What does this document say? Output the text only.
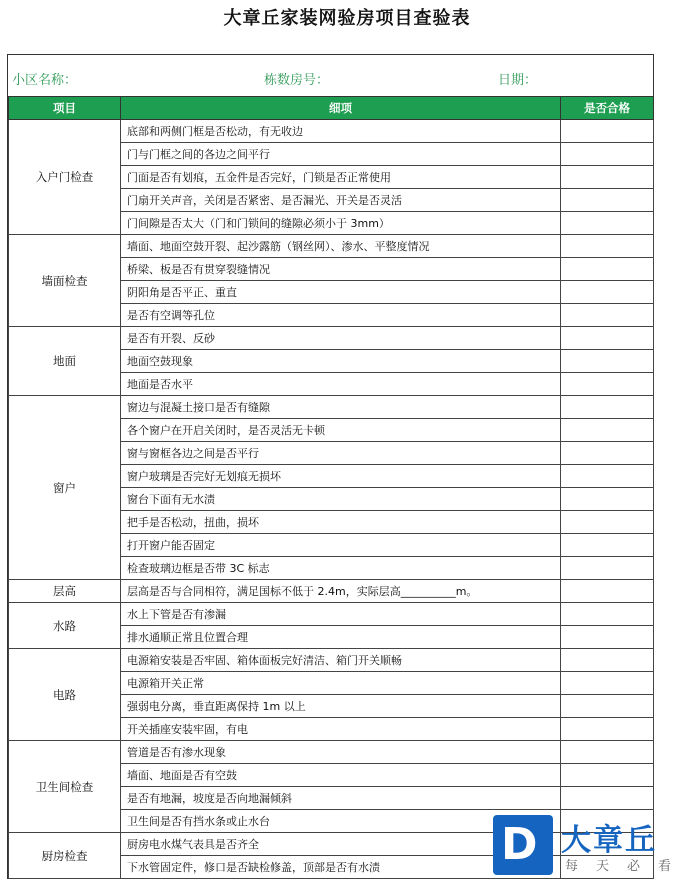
大章丘家装网验房项目查验表
小区名称：	栋数房号：	日期：
项目	细项	是否合格
入户门检查	底部和两侧门框是否松动，有无收边	
	门与门框之间的各边之间平行	
	门面是否有划痕，五金件是否完好，门锁是否正常使用	
	门扇开关声音，关闭是否紧密、是否漏光、开关是否灵活	
	门间隙是否太大（门和门锁间的缝隙必须小于 3mm）	
墙面检查	墙面、地面空鼓开裂、起沙露筋（钢丝网）、渗水、平整度情况	
	桥梁、板是否有贯穿裂缝情况	
	阴阳角是否平正、重直	
	是否有空调等孔位	
地面	是否有开裂、反砂	
	地面空鼓现象	
	地面是否水平	
窗户	窗边与混凝土接口是否有缝隙	
	各个窗户在开启关闭时，是否灵活无卡顿	
	窗与窗框各边之间是否平行	
	窗户玻璃是否完好无划痕无损坏	
	窗台下面有无水渍	
	把手是否松动，扭曲，损坏	
	打开窗户能否固定	
	检查玻璃边框是否带 3C 标志	
层高	层高是否与合同相符，满足国标不低于 2.4m，实际层高__________m。	
水路	水上下管是否有渗漏	
	排水通顺正常且位置合理	
电路	电源箱安装是否牢固、箱体面板完好清洁、箱门开关顺畅	
	电源箱开关正常	
	强弱电分离，垂直距离保持 1m 以上	
	开关插座安装牢固，有电	
卫生间检查	管道是否有渗水现象	
	墙面、地面是否有空鼓	
	是否有地漏，坡度是否向地漏倾斜	
	卫生间是否有挡水条或止水台	
厨房检查	厨房电水煤气表具是否齐全	
	下水管固定件，修口是否缺检修盖，顶部是否有水渍		D 大章丘
每天必看
